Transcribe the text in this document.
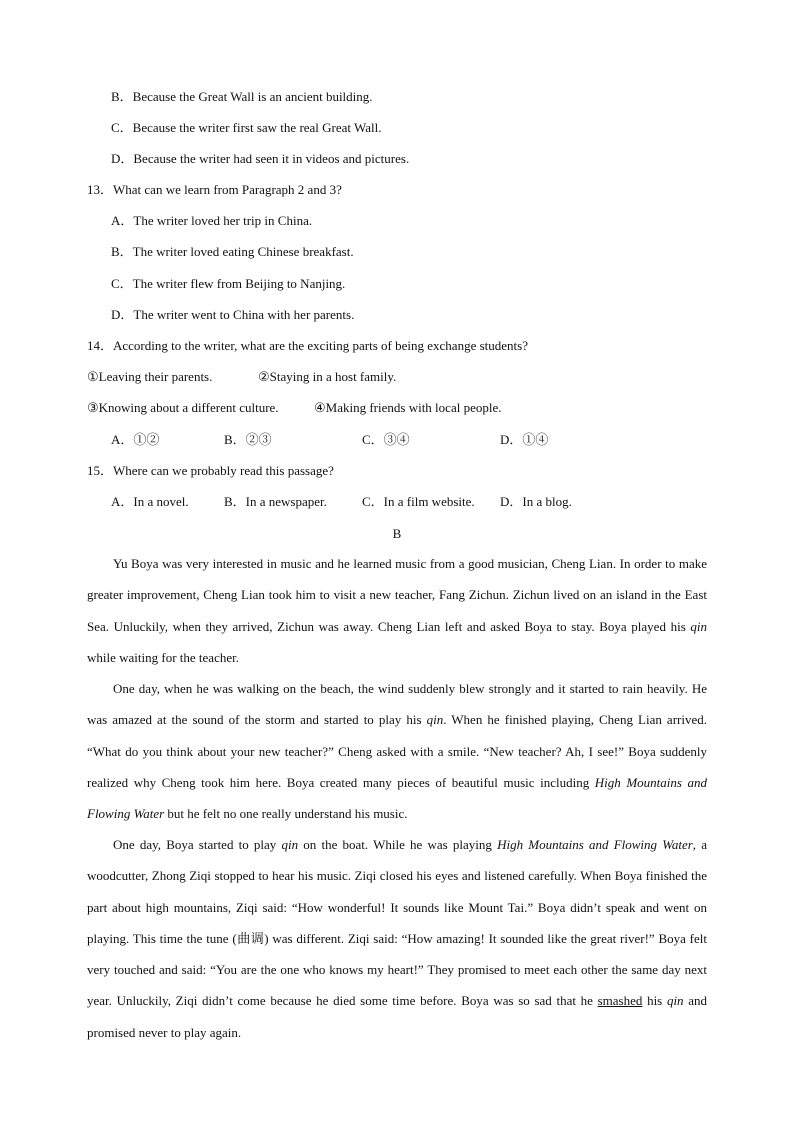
B．Because the Great Wall is an ancient building.
C．Because the writer first saw the real Great Wall.
D．Because the writer had seen it in videos and pictures.
13．What can we learn from Paragraph 2 and 3?
A．The writer loved her trip in China.
B．The writer loved eating Chinese breakfast.
C．The writer flew from Beijing to Nanjing.
D．The writer went to China with her parents.
14．According to the writer, what are the exciting parts of being exchange students?
①Leaving their parents.	②Staying in a host family.
③Knowing about a different culture.	④Making friends with local people.
A．①②	B．②③	C．③④	D．①④
15．Where can we probably read this passage?
A．In a novel.	B．In a newspaper.	C．In a film website. D．In a blog.
B

Yu Boya was very interested in music and he learned music from a good musician, Cheng Lian. In order to make greater improvement, Cheng Lian took him to visit a new teacher, Fang Zichun. Zichun lived on an island in the East Sea. Unluckily, when they arrived, Zichun was away. Cheng Lian left and asked Boya to stay. Boya played his qin while waiting for the teacher.

One day, when he was walking on the beach, the wind suddenly blew strongly and it started to rain heavily. He was amazed at the sound of the storm and started to play his qin. When he finished playing, Cheng Lian arrived. “What do you think about your new teacher?” Cheng asked with a smile. “New teacher? Ah, I see!” Boya suddenly realized why Cheng took him here. Boya created many pieces of beautiful music including High Mountains and Flowing Water but he felt no one really understand his music.

One day, Boya started to play qin on the boat. While he was playing High Mountains and Flowing Water, a woodcutter, Zhong Ziqi stopped to hear his music. Ziqi closed his eyes and listened carefully. When Boya finished the part about high mountains, Ziqi said: “How wonderful! It sounds like Mount Tai.” Boya didn’t speak and went on playing. This time the tune (曲调) was different. Ziqi said: “How amazing! It sounded like the great river!” Boya felt very touched and said: “You are the one who knows my heart!” They promised to meet each other the same day next year. Unluckily, Ziqi didn’t come because he died some time before. Boya was so sad that he smashed his qin and promised never to play again.
